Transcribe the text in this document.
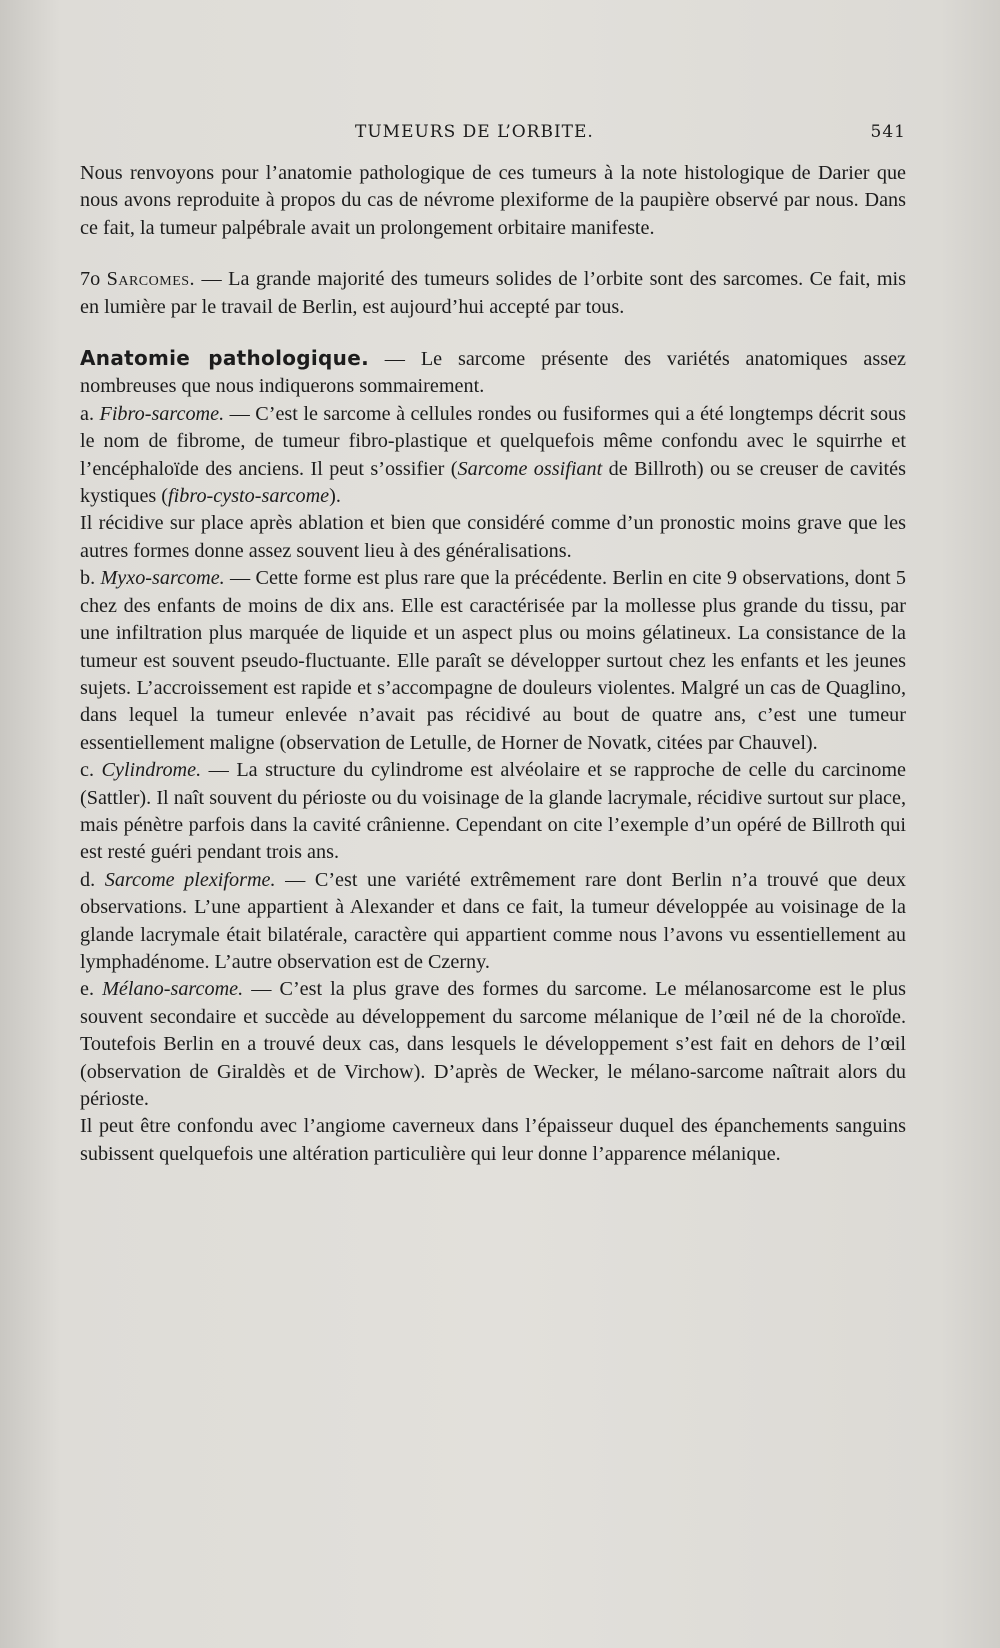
TUMEURS DE L’ORBITE.	541

Nous renvoyons pour l’anatomie pathologique de ces tumeurs à la note histologique de Darier que nous avons reproduite à propos du cas de névrome plexiforme de la paupière observé par nous. Dans ce fait, la tumeur palpébrale avait un prolongement orbitaire manifeste.

7o Sarcomes. — La grande majorité des tumeurs solides de l’orbite sont des sarcomes. Ce fait, mis en lumière par le travail de Berlin, est aujourd’hui accepté par tous.

Anatomie pathologique. — Le sarcome présente des variétés anatomiques assez nombreuses que nous indiquerons sommairement.

a. Fibro-sarcome. — C’est le sarcome à cellules rondes ou fusiformes qui a été longtemps décrit sous le nom de fibrome, de tumeur fibro-plastique et quelquefois même confondu avec le squirrhe et l’encéphaloïde des anciens. Il peut s’ossifier (Sarcome ossifiant de Billroth) ou se creuser de cavités kystiques (fibro-cysto-sarcome).

Il récidive sur place après ablation et bien que considéré comme d’un pronostic moins grave que les autres formes donne assez souvent lieu à des généralisations.

b. Myxo-sarcome. — Cette forme est plus rare que la précédente. Berlin en cite 9 observations, dont 5 chez des enfants de moins de dix ans. Elle est caractérisée par la mollesse plus grande du tissu, par une infiltration plus marquée de liquide et un aspect plus ou moins gélatineux. La consistance de la tumeur est souvent pseudo-fluctuante. Elle paraît se développer surtout chez les enfants et les jeunes sujets. L’accroissement est rapide et s’accompagne de douleurs violentes. Malgré un cas de Quaglino, dans lequel la tumeur enlevée n’avait pas récidivé au bout de quatre ans, c’est une tumeur essentiellement maligne (observation de Letulle, de Horner de Novatk, citées par Chauvel).

c. Cylindrome. — La structure du cylindrome est alvéolaire et se rapproche de celle du carcinome (Sattler). Il naît souvent du périoste ou du voisinage de la glande lacrymale, récidive surtout sur place, mais pénètre parfois dans la cavité crânienne. Cependant on cite l’exemple d’un opéré de Billroth qui est resté guéri pendant trois ans.

d. Sarcome plexiforme. — C’est une variété extrêmement rare dont Berlin n’a trouvé que deux observations. L’une appartient à Alexander et dans ce fait, la tumeur développée au voisinage de la glande lacrymale était bilatérale, caractère qui appartient comme nous l’avons vu essentiellement au lymphadénome. L’autre observation est de Czerny.

e. Mélano-sarcome. — C’est la plus grave des formes du sarcome. Le mélanosarcome est le plus souvent secondaire et succède au développement du sarcome mélanique de l’œil né de la choroïde. Toutefois Berlin en a trouvé deux cas, dans lesquels le développement s’est fait en dehors de l’œil (observation de Giraldès et de Virchow). D’après de Wecker, le mélano-sarcome naîtrait alors du périoste.

Il peut être confondu avec l’angiome caverneux dans l’épaisseur duquel des épanchements sanguins subissent quelquefois une altération particulière qui leur donne l’apparence mélanique.
